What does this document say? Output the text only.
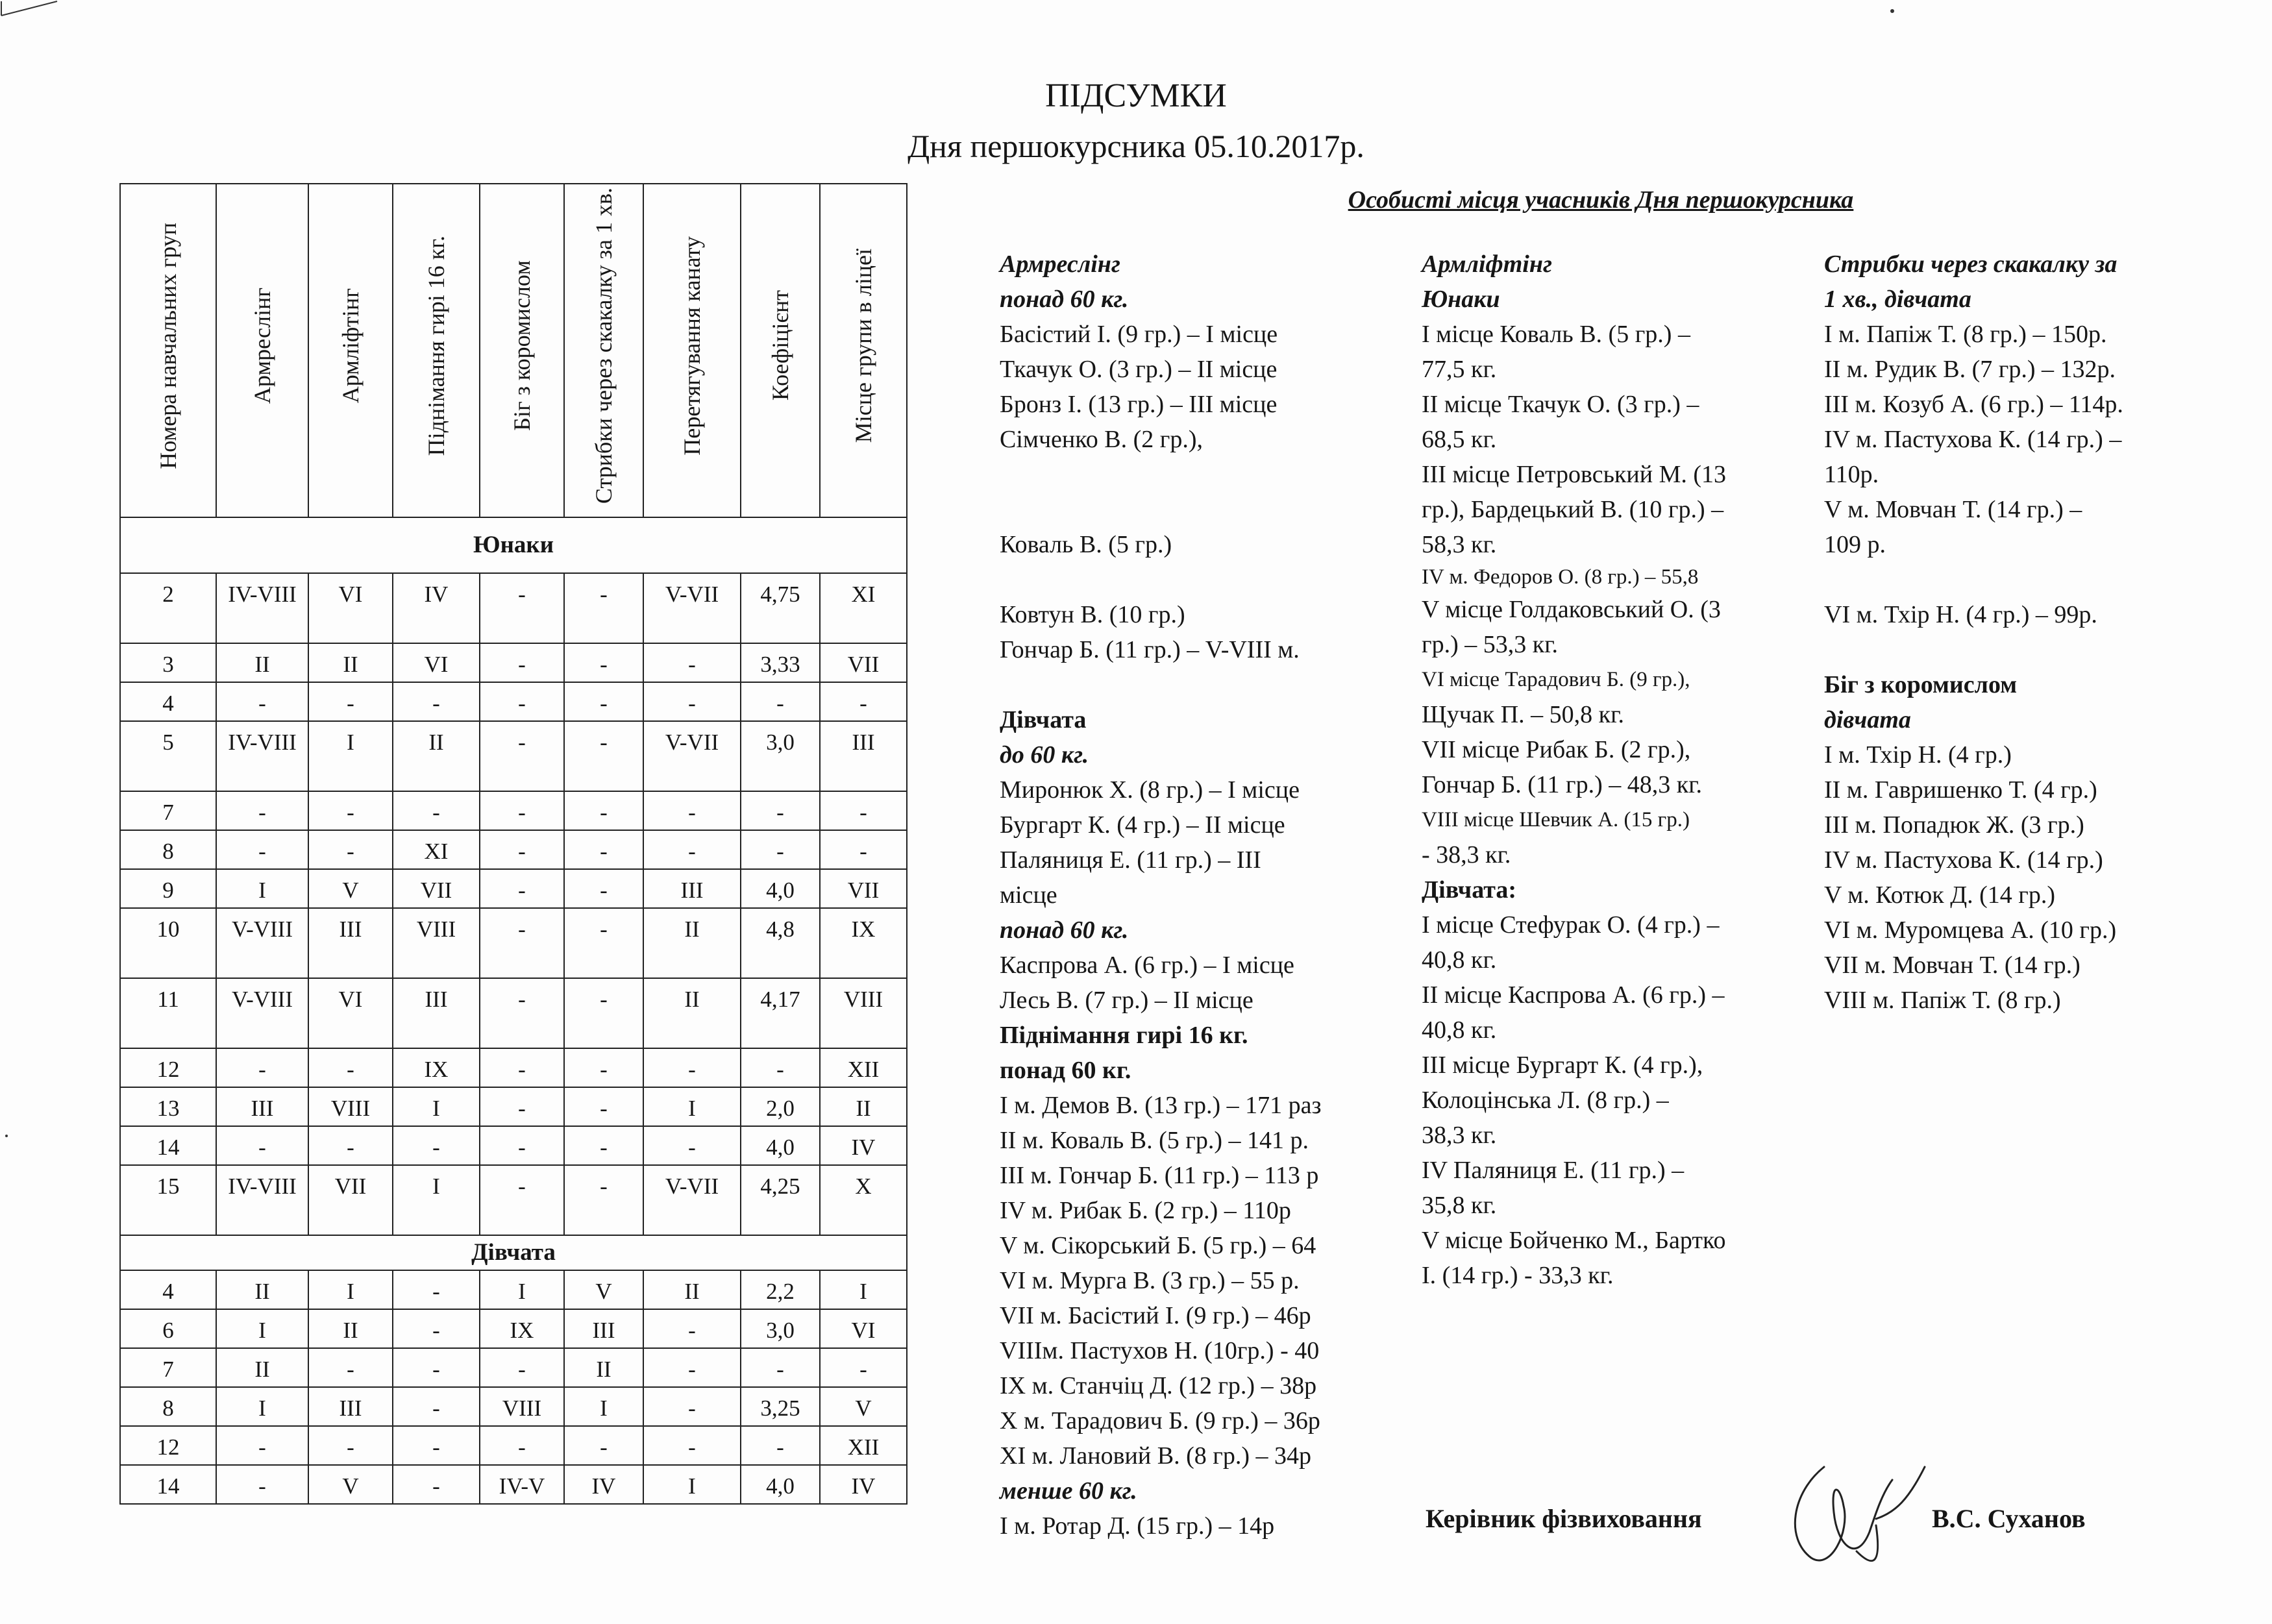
ПІДСУМКИ
Дня першокурсника 05.10.2017р.
Номера навчальних груп	Армреслінг	Армліфтінг	Піднімання гирі 16 кг.	Біг з коромислом	Стрибки через скакалку за 1 хв.	Перетягування канату	Коефіцієнт	Місце групи в ліцеї
Юнаки								
2	IV-VIII	VI	IV	-	-	V-VII	4,75	XI
3	II	II	VI	-	-	-	3,33	VII
4	-	-	-	-	-	-	-	-
5	IV-VIII	I	II	-	-	V-VII	3,0	III
7	-	-	-	-	-	-	-	-
8	-	-	XI	-	-	-	-	-
9	I	V	VII	-	-	III	4,0	VII
10	V-VIII	III	VIII	-	-	II	4,8	IX
11	V-VIII	VI	III	-	-	II	4,17	VIII
12	-	-	IX	-	-	-	-	XII
13	III	VIII	I	-	-	I	2,0	II
14	-	-	-	-	-	-	4,0	IV
15	IV-VIII	VII	I	-	-	V-VII	4,25	X
Дівчата								
4	II	I	-	I	V	II	2,2	I
6	I	II	-	IX	III	-	3,0	VI
7	II	-	-	-	II	-	-	-
8	I	III	-	VIII	I	-	3,25	V
12	-	-	-	-	-	-	-	XII
14	-	V	-	IV-V	IV	I	4,0	IV
Особисті місця учасників Дня першокурсника
Армреслінг
понад 60 кг.
Басістий І. (9 гр.) – І місце
Ткачук О. (3 гр.) – ІІ місце
Бронз І. (13 гр.) – ІІІ місце
Сімченко В. (2 гр.),
Коваль В. (5 гр.)
Ковтун В. (10 гр.)
Гончар Б. (11 гр.) – V-VIII м.
Дівчата
до 60 кг.
Миронюк Х. (8 гр.) – І місце
Бургарт К. (4 гр.) – ІІ місце
Паляниця Е. (11 гр.) – ІІІ
місце
понад 60 кг.
Каспрова А. (6 гр.) – І місце
Лесь В. (7 гр.) – ІІ місце
Піднімання гирі 16 кг.
понад 60 кг.
І м. Демов В. (13 гр.) – 171 раз
ІІ м. Коваль В. (5 гр.) – 141 р.
ІІІ м. Гончар Б. (11 гр.) – 113 р
IV м. Рибак Б. (2 гр.) – 110р
V м. Сікорський Б. (5 гр.) – 64
VI м. Мурга В. (3 гр.) – 55 р.
VII м. Басістий І. (9 гр.) – 46р
VIIIм. Пастухов Н. (10гр.) - 40
IX м. Станчіц Д. (12 гр.) – 38р
X м. Тарадович Б. (9 гр.) – 36р
XI м. Лановий В. (8 гр.) – 34р
менше 60 кг.
І м. Ротар Д. (15 гр.) – 14р
Армліфтінг
Юнаки
І місце Коваль В. (5 гр.) –
77,5 кг.
ІІ місце Ткачук О. (3 гр.) –
68,5 кг.
ІІІ місце Петровський М. (13
гр.), Бардецький В. (10 гр.) –
58,3 кг.
IV м. Федоров О. (8 гр.) – 55,8
V місце Голдаковський О. (3
гр.) – 53,3 кг.
VI місце Тарадович Б. (9 гр.),
Щучак П. – 50,8 кг.
VII місце Рибак Б. (2 гр.),
Гончар Б. (11 гр.) – 48,3 кг.
VIII місце Шевчик А. (15 гр.)
- 38,3 кг.
Дівчата:
І місце Стефурак О. (4 гр.) –
40,8 кг.
ІІ місце Каспрова А. (6 гр.) –
40,8 кг.
ІІІ місце Бургарт К. (4 гр.),
Колоцінська Л. (8 гр.) –
38,3 кг.
IV Паляниця Е. (11 гр.) –
35,8 кг.
V місце Бойченко М., Бартко
І. (14 гр.) - 33,3 кг.
Стрибки через скакалку за
1 хв., дівчата
І м. Папіж Т. (8 гр.) – 150р.
ІІ м. Рудик В. (7 гр.) – 132р.
ІІІ м. Козуб А. (6 гр.) – 114р.
IV м. Пастухова К. (14 гр.) –
110р.
V м. Мовчан Т. (14 гр.) –
109 р.
VI м. Тхір Н. (4 гр.) – 99р.
Біг з коромислом
дівчата
І м. Тхір Н. (4 гр.)
ІІ м. Гавришенко Т. (4 гр.)
ІІІ м. Попадюк Ж. (3 гр.)
IV м. Пастухова К. (14 гр.)
V м. Котюк Д. (14 гр.)
VI м. Муромцева А. (10 гр.)
VII м. Мовчан Т. (14 гр.)
VIII м. Папіж Т. (8 гр.)
Керівник фізвиховання	В.С. Суханов
